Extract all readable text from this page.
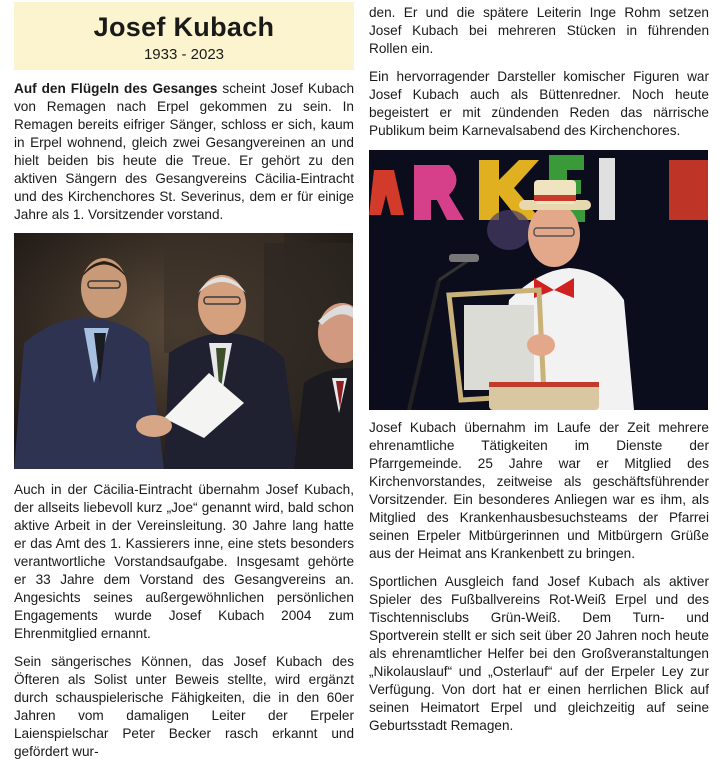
Josef Kubach
1933 - 2023

Auf den Flügeln des Gesanges scheint Josef Kubach von Remagen nach Erpel gekommen zu sein. In Remagen bereits eifriger Sänger, schloss er sich, kaum in Erpel wohnend, gleich zwei Gesangvereinen an und hielt beiden bis heute die Treue. Er gehört zu den aktiven Sängern des Gesangvereins Cäcilia-Eintracht und des Kirchenchores St. Severinus, dem er für einige Jahre als 1. Vorsitzender vorstand.

Auch in der Cäcilia-Eintracht übernahm Josef Kubach, der allseits liebevoll kurz „Joe“ genannt wird, bald schon aktive Arbeit in der Vereinsleitung. 30 Jahre lang hatte er das Amt des 1. Kassierers inne, eine stets besonders verantwortliche Vorstandsaufgabe. Insgesamt gehörte er 33 Jahre dem Vorstand des Gesangvereins an. Angesichts seines außergewöhnlichen persönlichen Engagements wurde Josef Kubach 2004 zum Ehrenmitglied ernannt.

Sein sängerisches Können, das Josef Kubach des Öfteren als Solist unter Beweis stellte, wird ergänzt durch schauspielerische Fähigkeiten, die in den 60er Jahren vom damaligen Leiter der Erpeler Laienspielschar Peter Becker rasch erkannt und gefördert wur-

den. Er und die spätere Leiterin Inge Rohm setzen Josef Kubach bei mehreren Stücken in führenden Rollen ein.

Ein hervorragender Darsteller komischer Figuren war Josef Kubach auch als Büttenredner. Noch heute begeistert er mit zündenden Reden das närrische Publikum beim Karnevalsabend des Kirchenchores.

Josef Kubach übernahm im Laufe der Zeit mehrere ehrenamtliche Tätigkeiten im Dienste der Pfarrgemeinde. 25 Jahre war er Mitglied des Kirchenvorstandes, zeitweise als geschäftsführender Vorsitzender. Ein besonderes Anliegen war es ihm, als Mitglied des Krankenhausbesuchsteams der Pfarrei seinen Erpeler Mitbürgerinnen und Mitbürgern Grüße aus der Heimat ans Krankenbett zu bringen.

Sportlichen Ausgleich fand Josef Kubach als aktiver Spieler des Fußballvereins Rot-Weiß Erpel und des Tischtennisclubs Grün-Weiß. Dem Turn- und Sportverein stellt er sich seit über 20 Jahren noch heute als ehrenamtlicher Helfer bei den Großveranstaltungen „Nikolauslauf“ und „Osterlauf“ auf der Erpeler Ley zur Verfügung. Von dort hat er einen herrlichen Blick auf seinen Heimatort Erpel und gleichzeitig auf seine Geburtsstadt Remagen.
